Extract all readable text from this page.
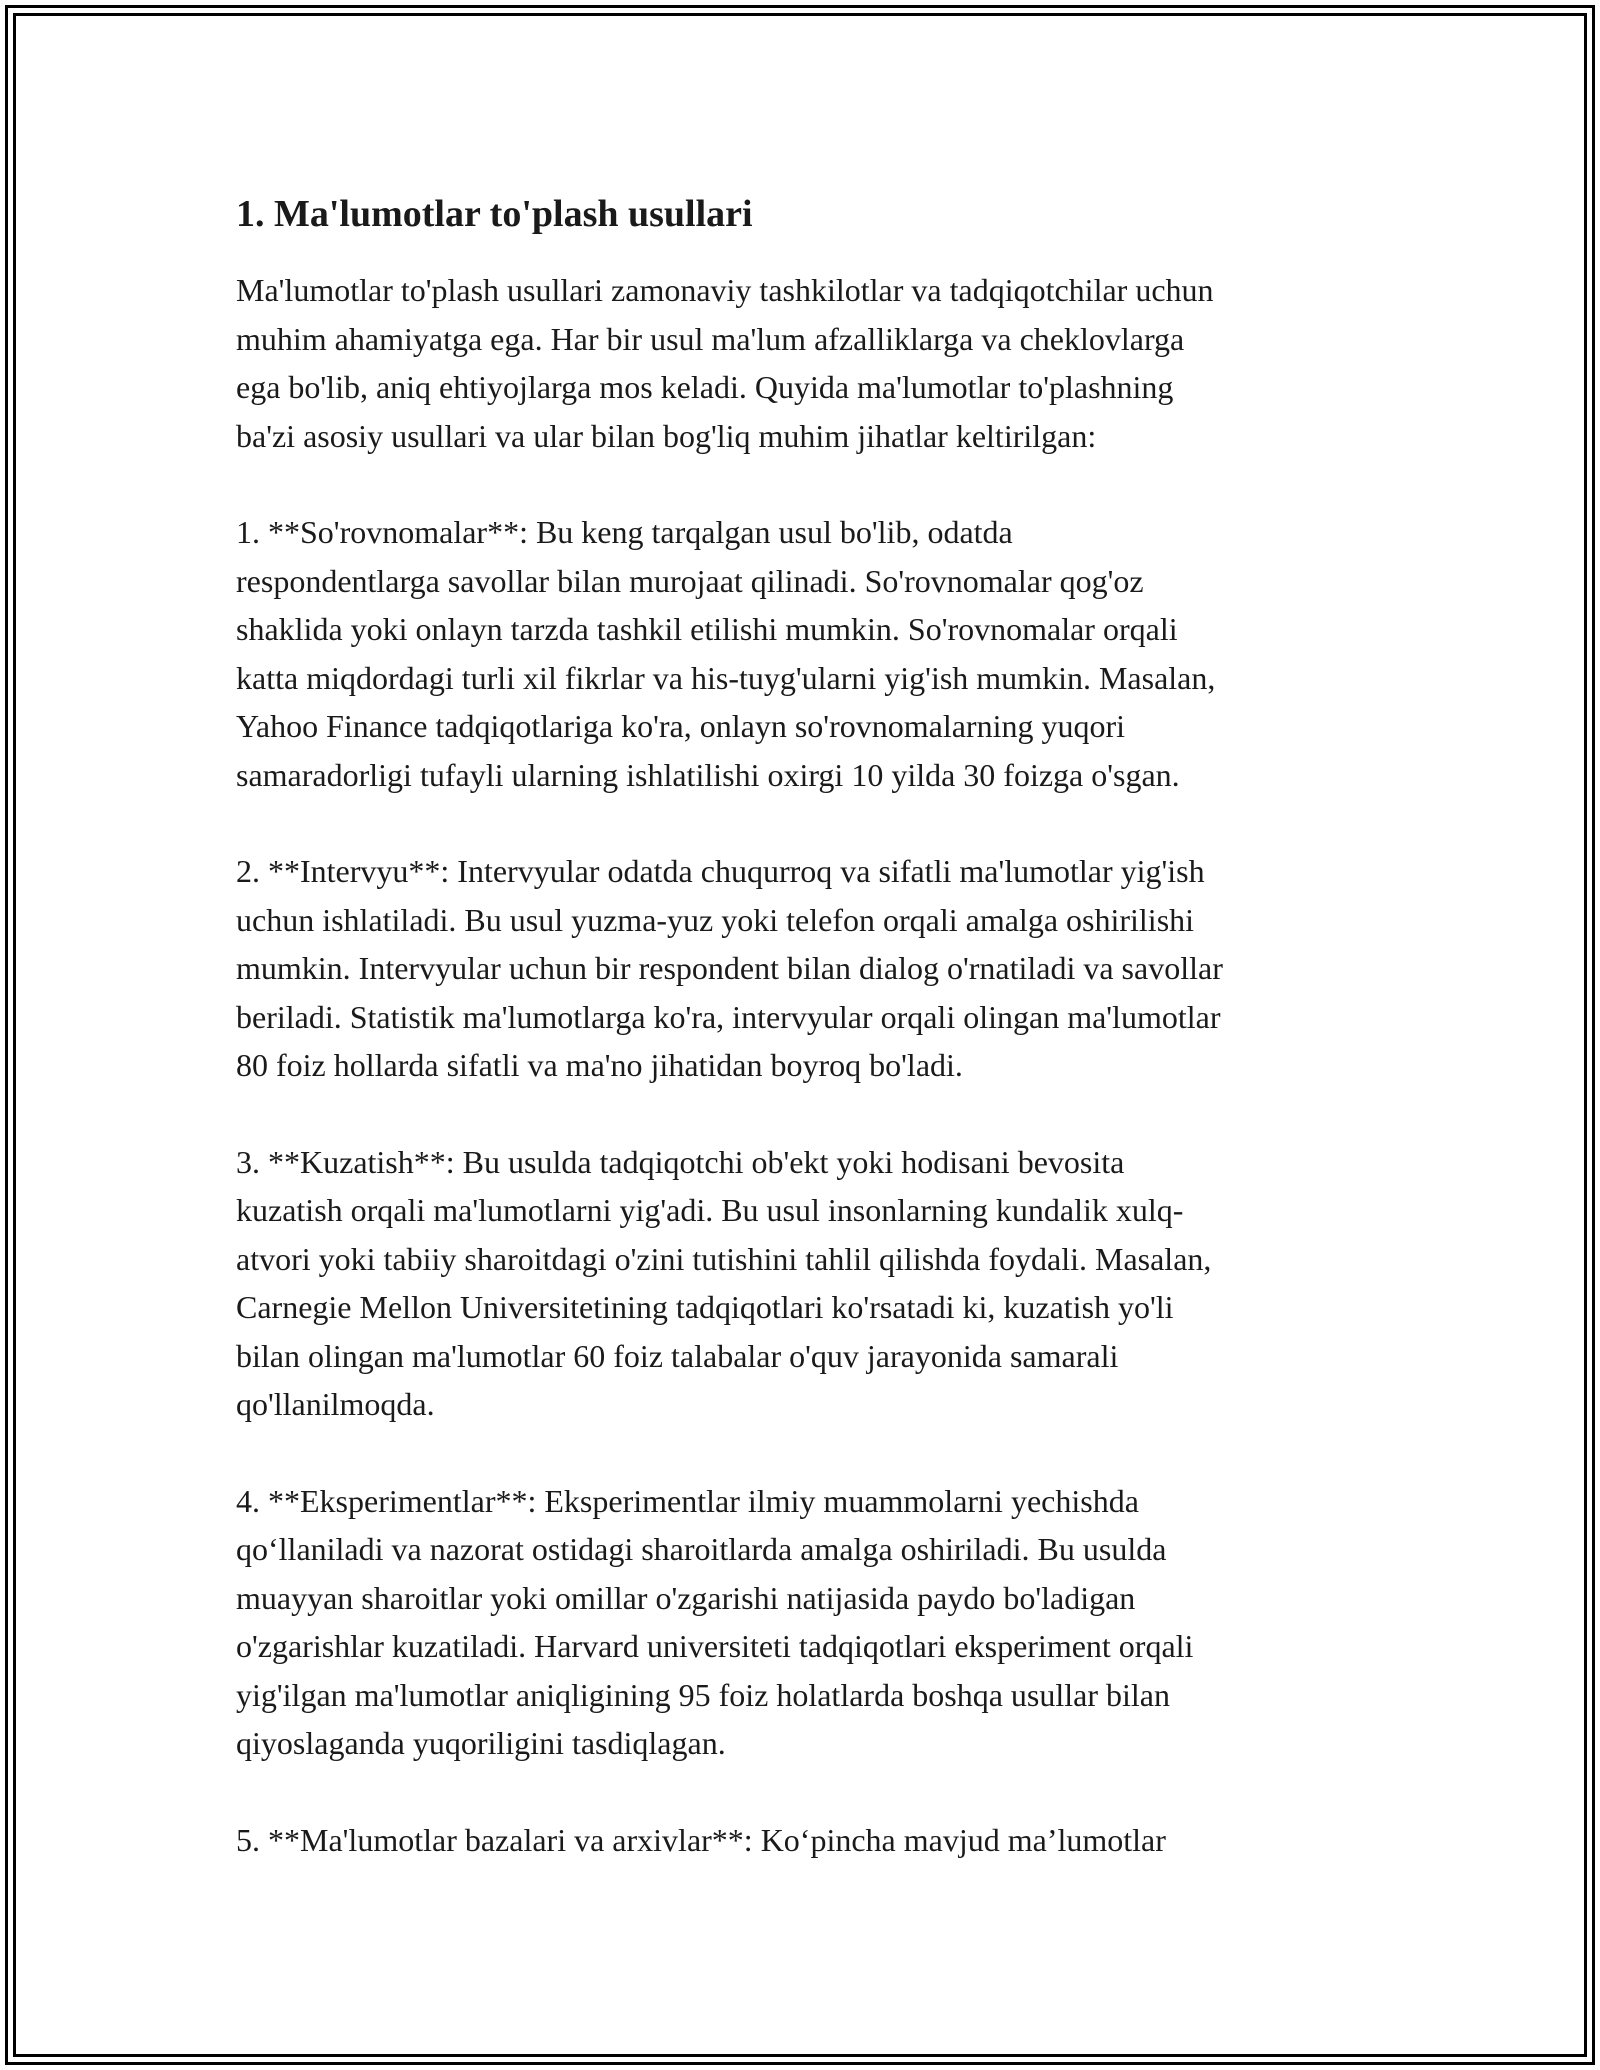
1. Ma'lumotlar to'plash usullari

Ma'lumotlar to'plash usullari zamonaviy tashkilotlar va tadqiqotchilar uchun
muhim ahamiyatga ega. Har bir usul ma'lum afzalliklarga va cheklovlarga
ega bo'lib, aniq ehtiyojlarga mos keladi. Quyida ma'lumotlar to'plashning
ba'zi asosiy usullari va ular bilan bog'liq muhim jihatlar keltirilgan:

1. **So'rovnomalar**: Bu keng tarqalgan usul bo'lib, odatda
respondentlarga savollar bilan murojaat qilinadi. So'rovnomalar qog'oz
shaklida yoki onlayn tarzda tashkil etilishi mumkin. So'rovnomalar orqali
katta miqdordagi turli xil fikrlar va his-tuyg'ularni yig'ish mumkin. Masalan,
Yahoo Finance tadqiqotlariga ko'ra, onlayn so'rovnomalarning yuqori
samaradorligi tufayli ularning ishlatilishi oxirgi 10 yilda 30 foizga o'sgan.

2. **Intervyu**: Intervyular odatda chuqurroq va sifatli ma'lumotlar yig'ish
uchun ishlatiladi. Bu usul yuzma-yuz yoki telefon orqali amalga oshirilishi
mumkin. Intervyular uchun bir respondent bilan dialog o'rnatiladi va savollar
beriladi. Statistik ma'lumotlarga ko'ra, intervyular orqali olingan ma'lumotlar
80 foiz hollarda sifatli va ma'no jihatidan boyroq bo'ladi.

3. **Kuzatish**: Bu usulda tadqiqotchi ob'ekt yoki hodisani bevosita
kuzatish orqali ma'lumotlarni yig'adi. Bu usul insonlarning kundalik xulq-
atvori yoki tabiiy sharoitdagi o'zini tutishini tahlil qilishda foydali. Masalan,
Carnegie Mellon Universitetining tadqiqotlari ko'rsatadi ki, kuzatish yo'li
bilan olingan ma'lumotlar 60 foiz talabalar o'quv jarayonida samarali
qo'llanilmoqda.

4. **Eksperimentlar**: Eksperimentlar ilmiy muammolarni yechishda
qo‘llaniladi va nazorat ostidagi sharoitlarda amalga oshiriladi. Bu usulda
muayyan sharoitlar yoki omillar o'zgarishi natijasida paydo bo'ladigan
o'zgarishlar kuzatiladi. Harvard universiteti tadqiqotlari eksperiment orqali
yig'ilgan ma'lumotlar aniqligining 95 foiz holatlarda boshqa usullar bilan
qiyoslaganda yuqoriligini tasdiqlagan.

5. **Ma'lumotlar bazalari va arxivlar**: Ko‘pincha mavjud ma’lumotlar
